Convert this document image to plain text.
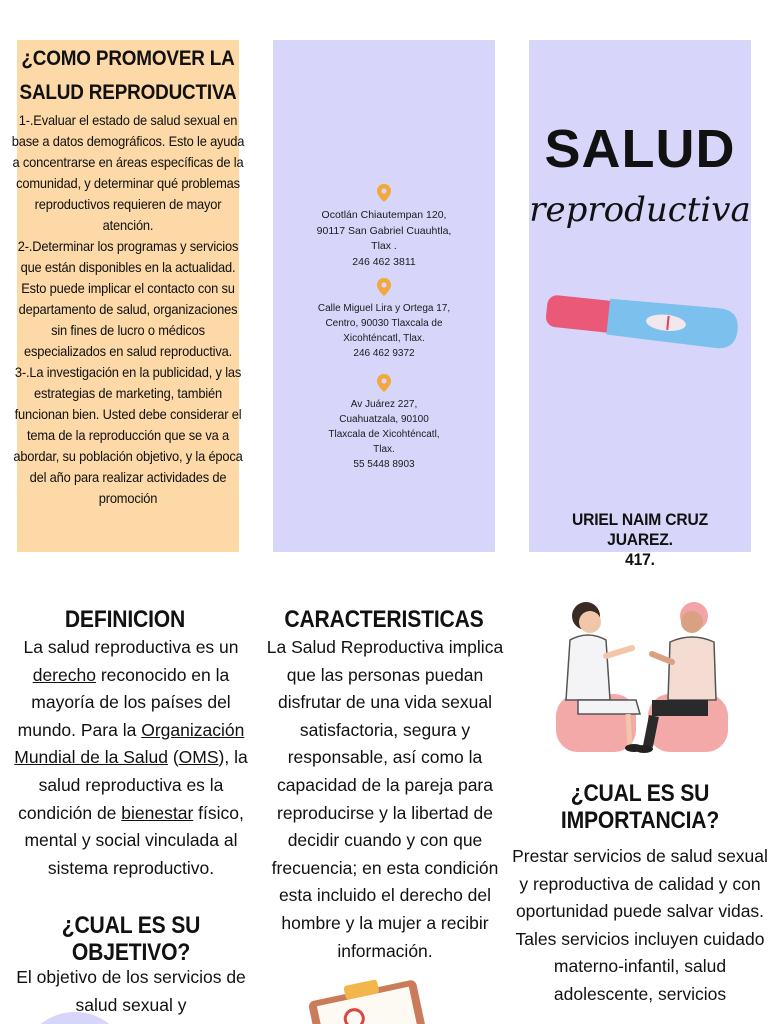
¿COMO PROMOVER LA SALUD REPRODUCTIVA
1-.Evaluar el estado de salud sexual en base a datos demográficos. Esto le ayuda a concentrarse en áreas específicas de la comunidad, y determinar qué problemas reproductivos requieren de mayor atención.
2-.Determinar los programas y servicios que están disponibles en la actualidad. Esto puede implicar el contacto con su departamento de salud, organizaciones sin fines de lucro o médicos especializados en salud reproductiva.
3-.La investigación en la publicidad, y las estrategias de marketing, también funcionan bien. Usted debe considerar el tema de la reproducción que se va a abordar, su población objetivo, y la época del año para realizar actividades de promoción
Ocotlán Chiautempan 120,
90117 San Gabriel Cuauhtla,
Tlax .
246 462 3811
Calle Miguel Lira y Ortega 17,
Centro, 90030 Tlaxcala de
Xicohténcatl, Tlax.
246 462 9372
Av Juárez 227,
Cuahuatzala, 90100
Tlaxcala de Xicohténcatl,
Tlax.
55 5448 8903
SALUD
reproductiva
URIEL NAIM CRUZ JUAREZ.
417.
DEFINICION
La salud reproductiva es un derecho reconocido en la mayoría de los países del mundo. Para la Organización Mundial de la Salud (OMS), la salud reproductiva es la condición de bienestar físico, mental y social vinculada al sistema reproductivo.
¿CUAL ES SU OBJETIVO?
El objetivo de los servicios de salud sexual y
CARACTERISTICAS
La Salud Reproductiva implica que las personas puedan disfrutar de una vida sexual satisfactoria, segura y responsable, así como la capacidad de la pareja para reproducirse y la libertad de decidir cuando y con que frecuencia; en esta condición esta incluido el derecho del hombre y la mujer a recibir información.
¿CUAL ES SU IMPORTANCIA?
Prestar servicios de salud sexual y reproductiva de calidad y con oportunidad puede salvar vidas. Tales servicios incluyen cuidado materno-infantil, salud adolescente, servicios
